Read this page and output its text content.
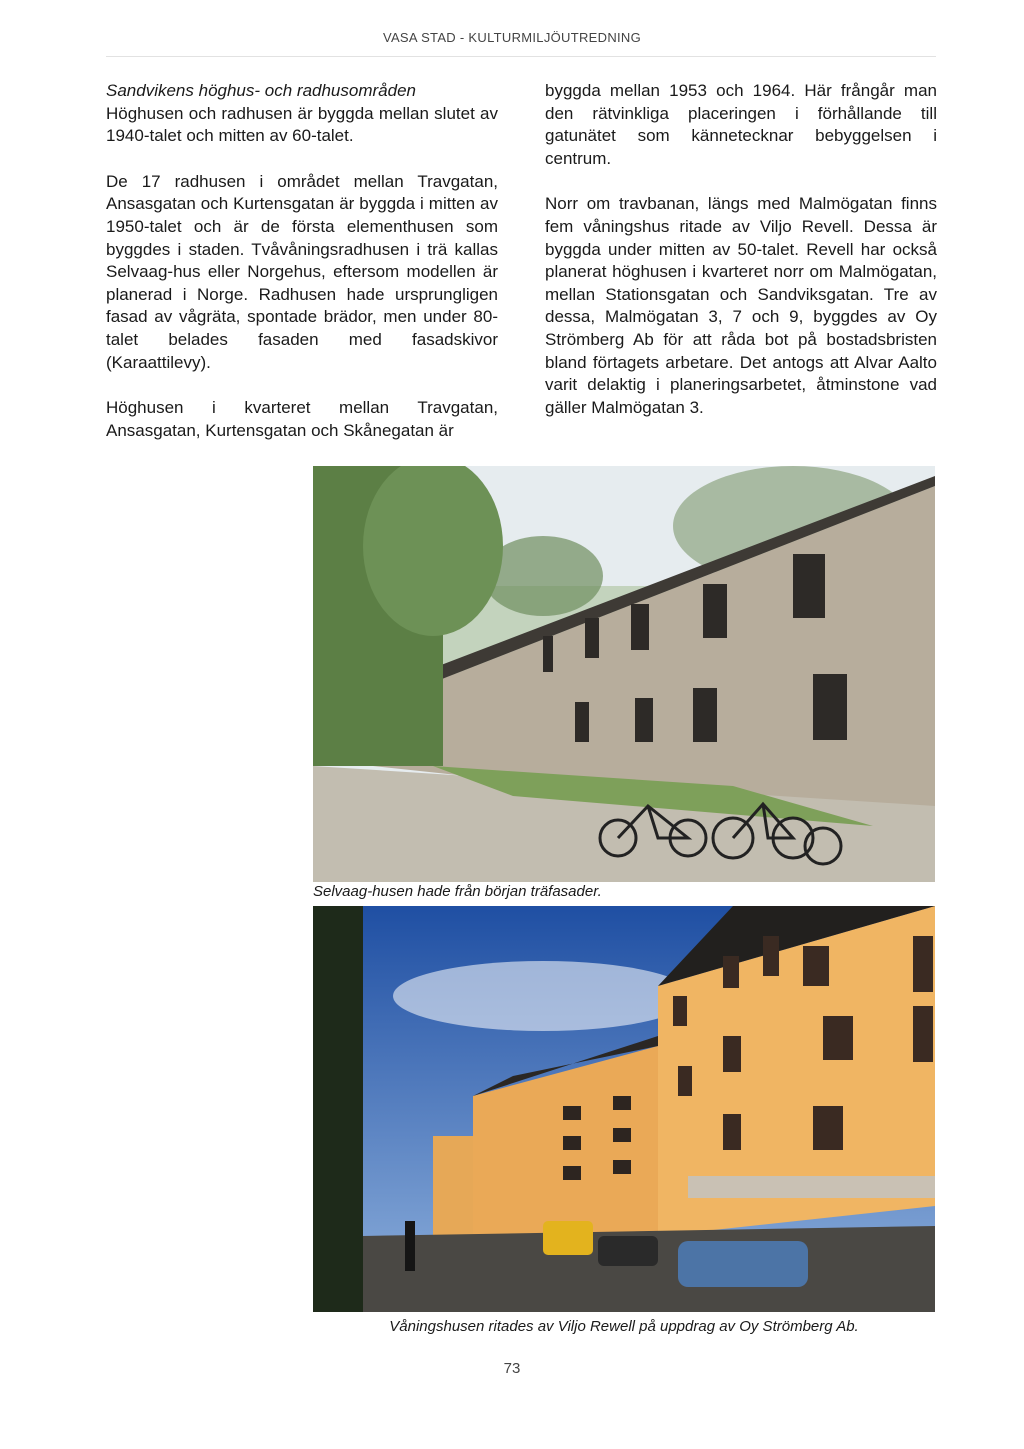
VASA STAD - KULTURMILJÖUTREDNING

Sandvikens höghus- och radhusområden
Höghusen och radhusen är byggda mellan slutet av 1940-talet och mitten av 60-talet.

De 17 radhusen i området mellan Travgatan, Ansasgatan och Kurtensgatan är byggda i mitten av 1950-talet och är de första elementhusen som byggdes i staden. Tvåvåningsradhusen i trä kallas Selvaag-hus eller Norgehus, eftersom modellen är planerad i Norge. Radhusen hade ursprungligen fasad av vågräta, spontade brädor, men under 80-talet belades fasaden med fasadskivor (Karaattilevy).

Höghusen i kvarteret mellan Travgatan, Ansasgatan, Kurtensgatan och Skånegatan är

byggda mellan 1953 och 1964. Här frångår man den rätvinkliga placeringen i förhållande till gatunätet som kännetecknar bebyggelsen i centrum.

Norr om travbanan, längs med Malmögatan finns fem våningshus ritade av Viljo Revell. Dessa är byggda under mitten av 50-talet. Revell har också planerat höghusen i kvarteret norr om Malmögatan, mellan Stationsgatan och Sandviksgatan. Tre av dessa, Malmögatan 3, 7 och 9, byggdes av Oy Strömberg Ab för att råda bot på bostadsbristen bland förtagets arbetare. Det antogs att Alvar Aalto varit delaktig i planeringsarbetet, åtminstone vad gäller Malmögatan 3.

Selvaag-husen hade från början träfasader.
Våningshusen ritades av Viljo Rewell på uppdrag av Oy Strömberg Ab.
73
